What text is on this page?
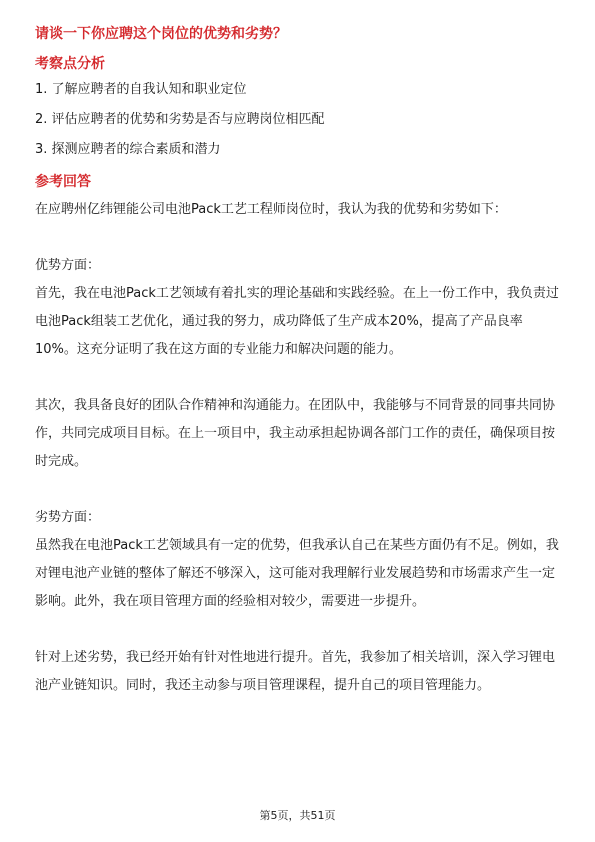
请谈一下你应聘这个岗位的优势和劣势？
考察点分析
1. 了解应聘者的自我认知和职业定位
2. 评估应聘者的优势和劣势是否与应聘岗位相匹配
3. 探测应聘者的综合素质和潜力
参考回答

在应聘州亿纬锂能公司电池Pack工艺工程师岗位时，我认为我的优势和劣势如下：

优势方面：

首先，我在电池Pack工艺领域有着扎实的理论基础和实践经验。在上一份工作中，我负责过电池Pack组装工艺优化，通过我的努力，成功降低了生产成本20%，提高了产品良率10%。这充分证明了我在这方面的专业能力和解决问题的能力。

其次，我具备良好的团队合作精神和沟通能力。在团队中，我能够与不同背景的同事共同协作，共同完成项目目标。在上一项目中，我主动承担起协调各部门工作的责任，确保项目按时完成。

劣势方面：

虽然我在电池Pack工艺领域具有一定的优势，但我承认自己在某些方面仍有不足。例如，我对锂电池产业链的整体了解还不够深入，这可能对我理解行业发展趋势和市场需求产生一定影响。此外，我在项目管理方面的经验相对较少，需要进一步提升。

针对上述劣势，我已经开始有针对性地进行提升。首先，我参加了相关培训，深入学习锂电池产业链知识。同时，我还主动参与项目管理课程，提升自己的项目管理能力。

第5页，共51页
